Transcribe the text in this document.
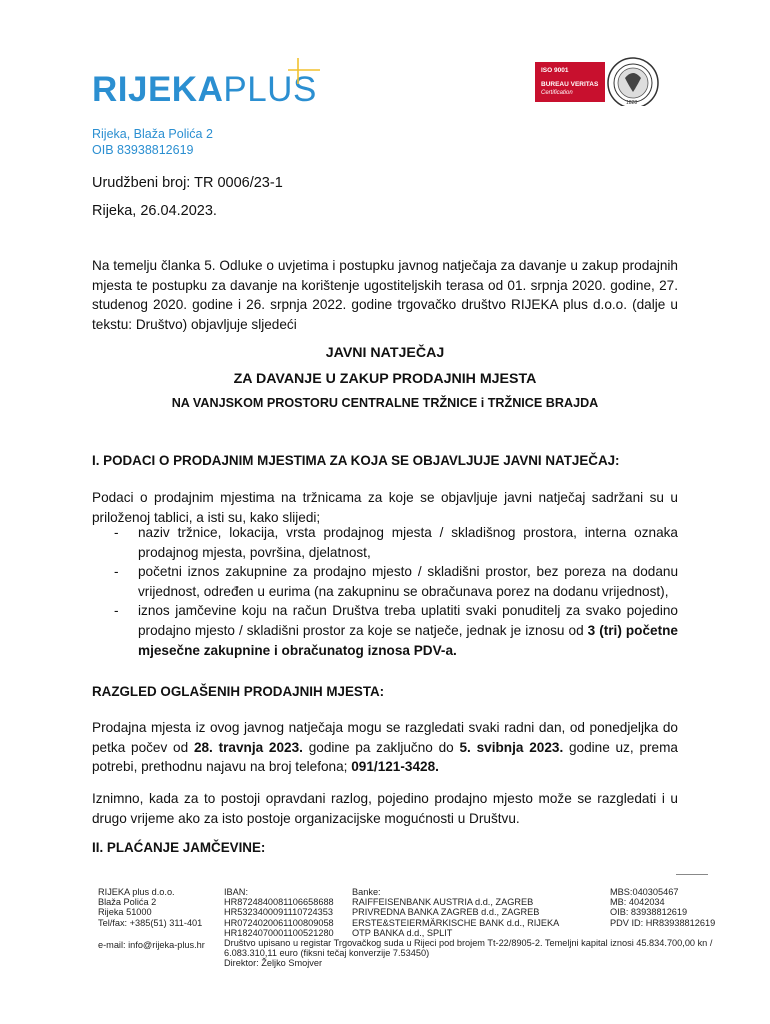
RIJEKAPLUS	ISO 9001
BUREAU VERITAS
Certification
1828
Rijeka, Blaža Polića 2
OIB 83938812619
Urudžbeni broj: TR 0006/23-1
Rijeka, 26.04.2023.
Na temelju članka 5. Odluke o uvjetima i postupku javnog natječaja za davanje u zakup prodajnih mjesta te postupku za davanje na korištenje ugostiteljskih terasa od 01. srpnja 2020. godine, 27. studenog 2020. godine i 26. srpnja 2022. godine trgovačko društvo RIJEKA plus d.o.o. (dalje u tekstu: Društvo) objavljuje sljedeći
JAVNI NATJEČAJ
ZA DAVANJE U ZAKUP PRODAJNIH MJESTA
NA VANJSKOM PROSTORU CENTRALNE TRŽNICE i TRŽNICE BRAJDA
I. PODACI O PRODAJNIM MJESTIMA ZA KOJA SE OBJAVLJUJE JAVNI NATJEČAJ:
Podaci o prodajnim mjestima na tržnicama za koje se objavljuje javni natječaj sadržani su u priloženoj tablici, a isti su, kako slijedi;
- naziv tržnice, lokacija, vrsta prodajnog mjesta / skladišnog prostora, interna oznaka prodajnog mjesta, površina, djelatnost,
- početni iznos zakupnine za prodajno mjesto / skladišni prostor, bez poreza na dodanu vrijednost, određen u eurima (na zakupninu se obračunava porez na dodanu vrijednost),
- iznos jamčevine koju na račun Društva treba uplatiti svaki ponuditelj za svako pojedino prodajno mjesto / skladišni prostor za koje se natječe, jednak je iznosu od 3 (tri) početne mjesečne zakupnine i obračunatog iznosa PDV-a.
RAZGLED OGLAŠENIH PRODAJNIH MJESTA:
Prodajna mjesta iz ovog javnog natječaja mogu se razgledati svaki radni dan, od ponedjeljka do petka počev od 28. travnja 2023. godine pa zaključno do 5. svibnja 2023. godine uz, prema potrebi, prethodnu najavu na broj telefona; 091/121-3428.
Iznimno, kada za to postoji opravdani razlog, pojedino prodajno mjesto može se razgledati i u drugo vrijeme ako za isto postoje organizacijske mogućnosti u Društvu.
II. PLAĆANJE JAMČEVINE:
RIJEKA plus d.o.o.
Blaža Polića 2
Rijeka 51000
Tel/fax: +385(51) 311-401
e-mail: info@rijeka-plus.hr
IBAN:
HR8724840081106658688
HR5323400091110724353
HR0724020061100809058
HR1824070001100521280
Banke:
RAIFFEISENBANK AUSTRIA d.d., ZAGREB
PRIVREDNA BANKA ZAGREB d.d., ZAGREB
ERSTE&STEIERMÄRKISCHE BANK d.d., RIJEKA
OTP BANKA d.d., SPLIT
MBS:040305467
MB: 4042034
OIB: 83938812619
PDV ID: HR83938812619
Društvo upisano u registar Trgovačkog suda u Rijeci pod brojem Tt-22/8905-2. Temeljni kapital iznosi 45.834.700,00 kn / 6.083.310,11 euro (fiksni tečaj konverzije 7.53450)
Direktor: Željko Smojver
